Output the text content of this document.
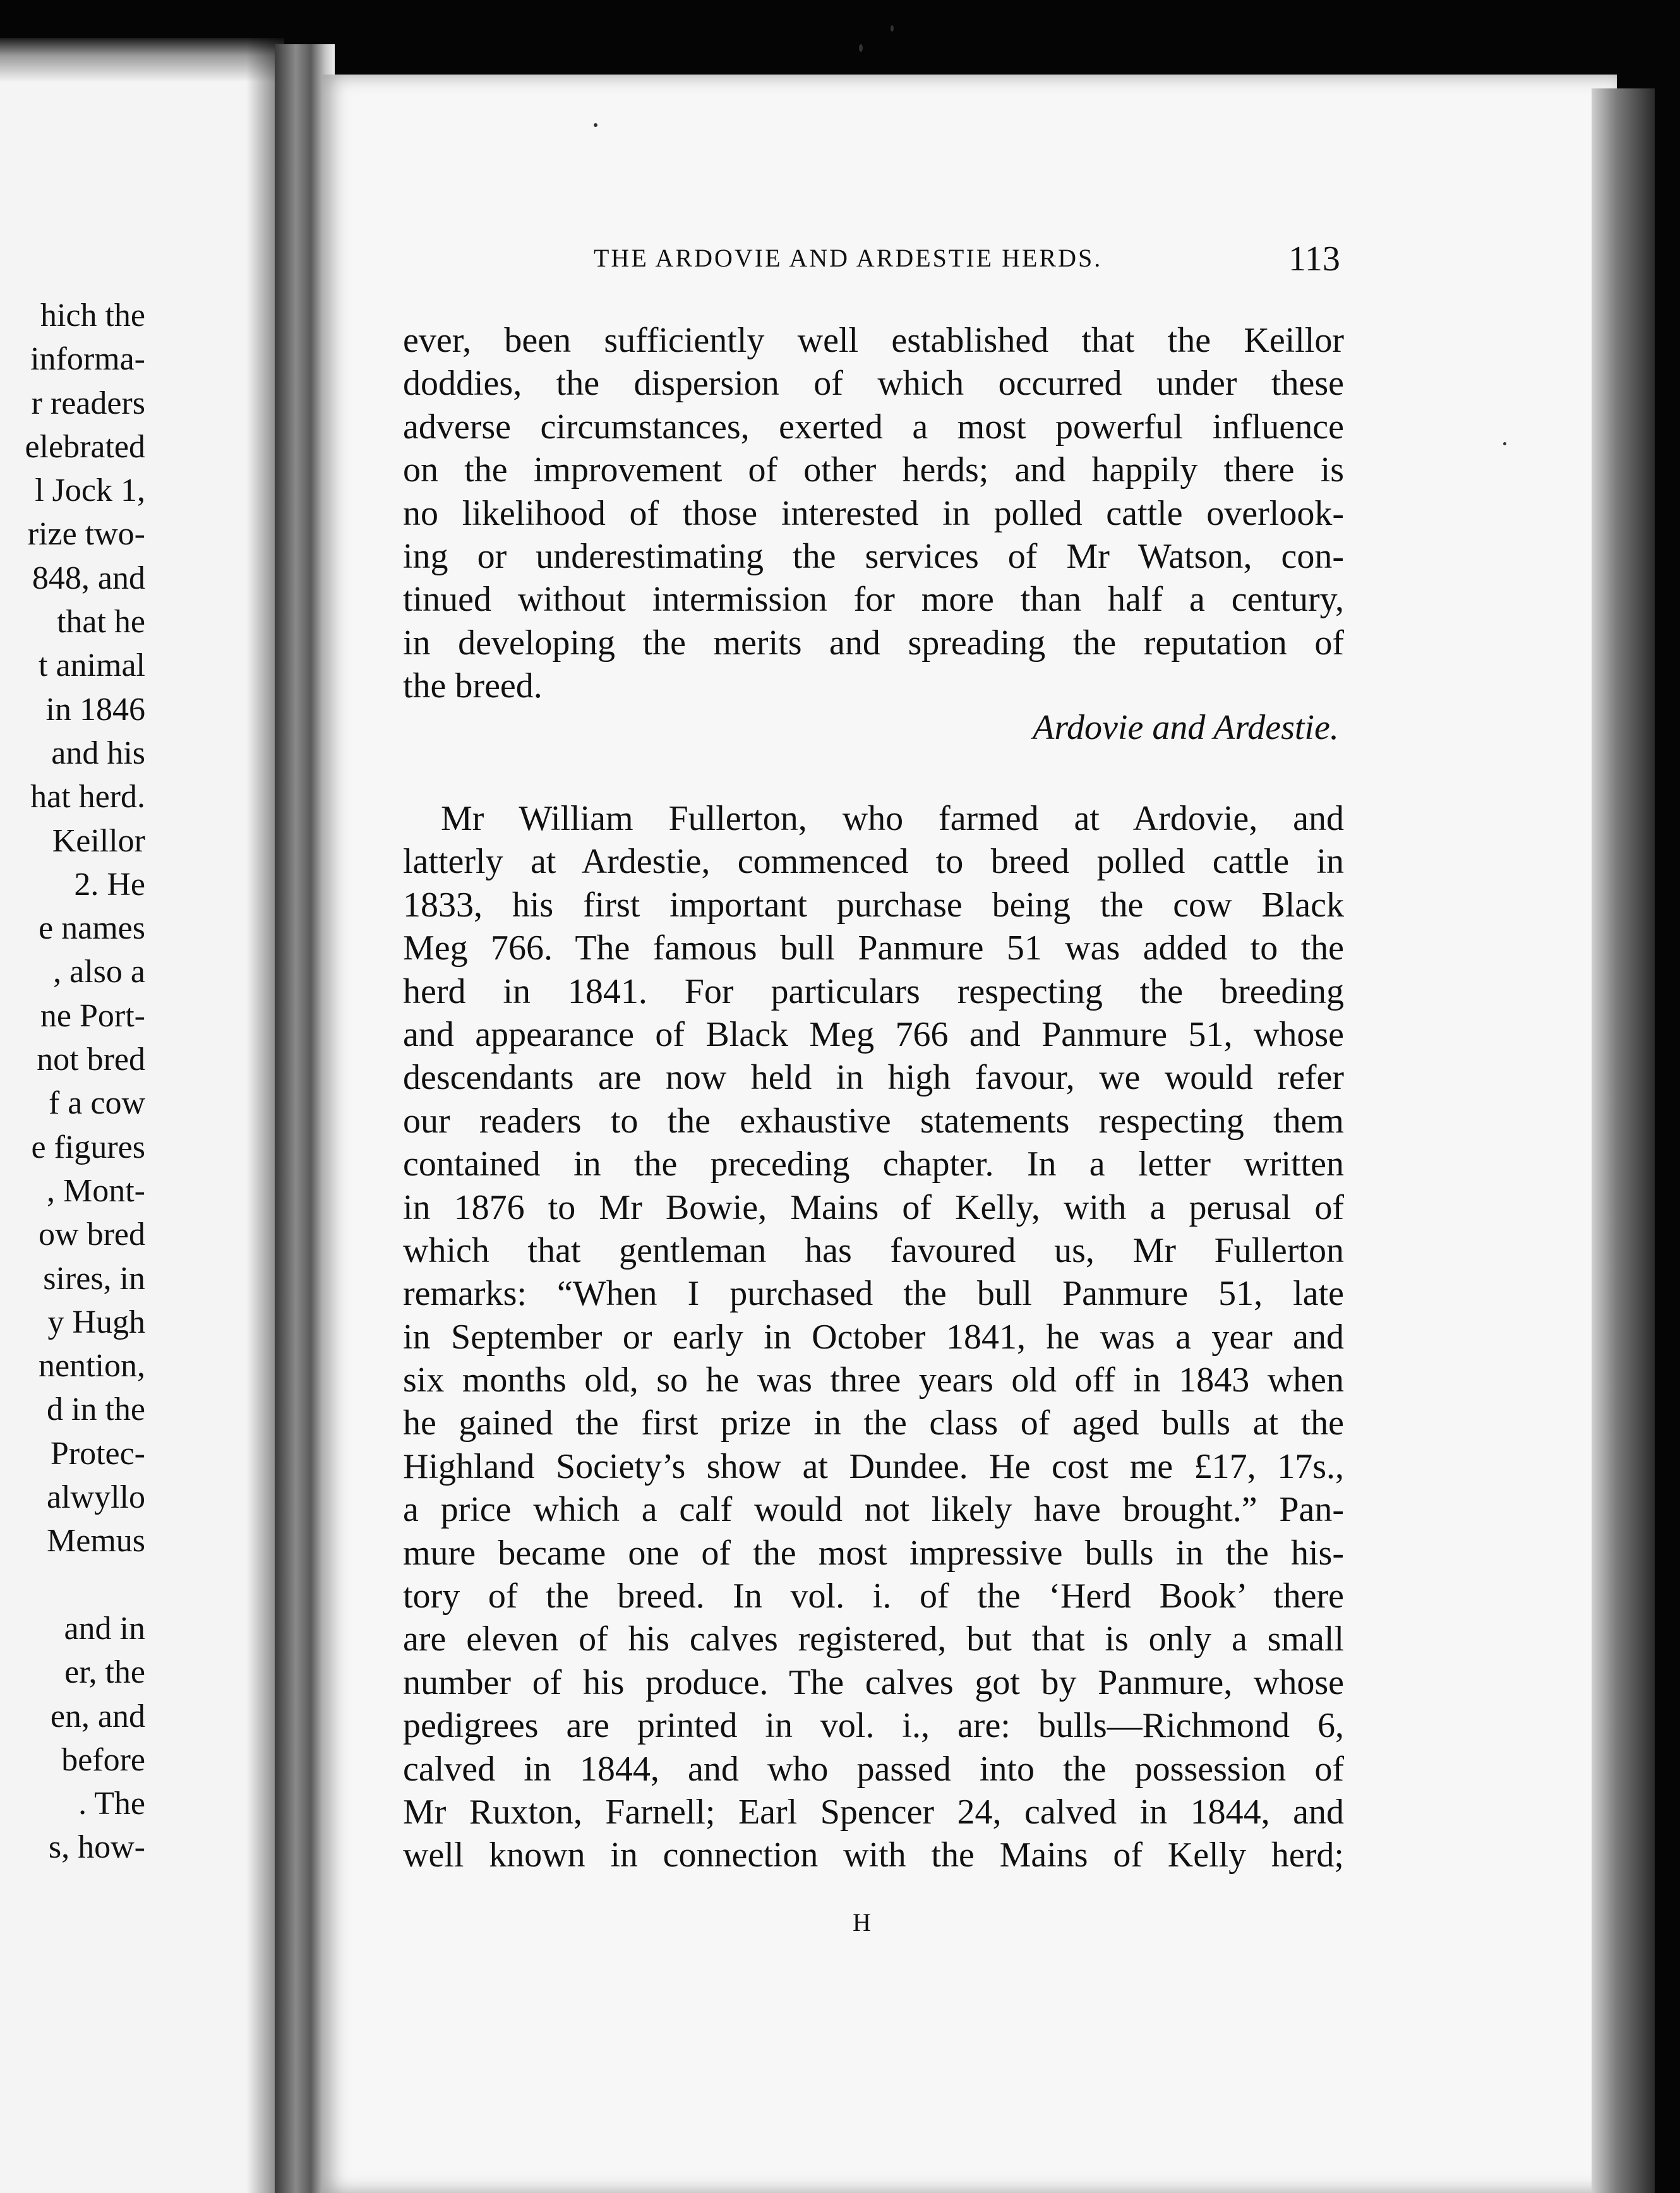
hich the
informa-
r readers
elebrated
l Jock 1,
rize two-
848, and
that he
t animal
in 1846
and his
hat herd.
Keillor
2. He
e names
, also a
ne Port-
not bred
f a cow
e figures
, Mont-
ow bred
sires, in
y Hugh
nention,
d in the
Protec-
alwyllo
Memus
and in
er, the
en, and
before
. The
s, how-
THE ARDOVIE AND ARDESTIE HERDS.	113
ever, been sufficiently well established that the Keillor
doddies, the dispersion of which occurred under these
adverse circumstances, exerted a most powerful influence
on the improvement of other herds; and happily there is
no likelihood of those interested in polled cattle overlook-
ing or underestimating the services of Mr Watson, con-
tinued without intermission for more than half a century,
in developing the merits and spreading the reputation of
the breed.
Ardovie and Ardestie.
Mr William Fullerton, who farmed at Ardovie, and
latterly at Ardestie, commenced to breed polled cattle in
1833, his first important purchase being the cow Black
Meg 766. The famous bull Panmure 51 was added to the
herd in 1841. For particulars respecting the breeding
and appearance of Black Meg 766 and Panmure 51, whose
descendants are now held in high favour, we would refer
our readers to the exhaustive statements respecting them
contained in the preceding chapter. In a letter written
in 1876 to Mr Bowie, Mains of Kelly, with a perusal of
which that gentleman has favoured us, Mr Fullerton
remarks: “When I purchased the bull Panmure 51, late
in September or early in October 1841, he was a year and
six months old, so he was three years old off in 1843 when
he gained the first prize in the class of aged bulls at the
Highland Society’s show at Dundee. He cost me £17, 17s.,
a price which a calf would not likely have brought.” Pan-
mure became one of the most impressive bulls in the his-
tory of the breed. In vol. i. of the ‘Herd Book’ there
are eleven of his calves registered, but that is only a small
number of his produce. The calves got by Panmure, whose
pedigrees are printed in vol. i., are: bulls—Richmond 6,
calved in 1844, and who passed into the possession of
Mr Ruxton, Farnell; Earl Spencer 24, calved in 1844, and
well known in connection with the Mains of Kelly herd;
H
